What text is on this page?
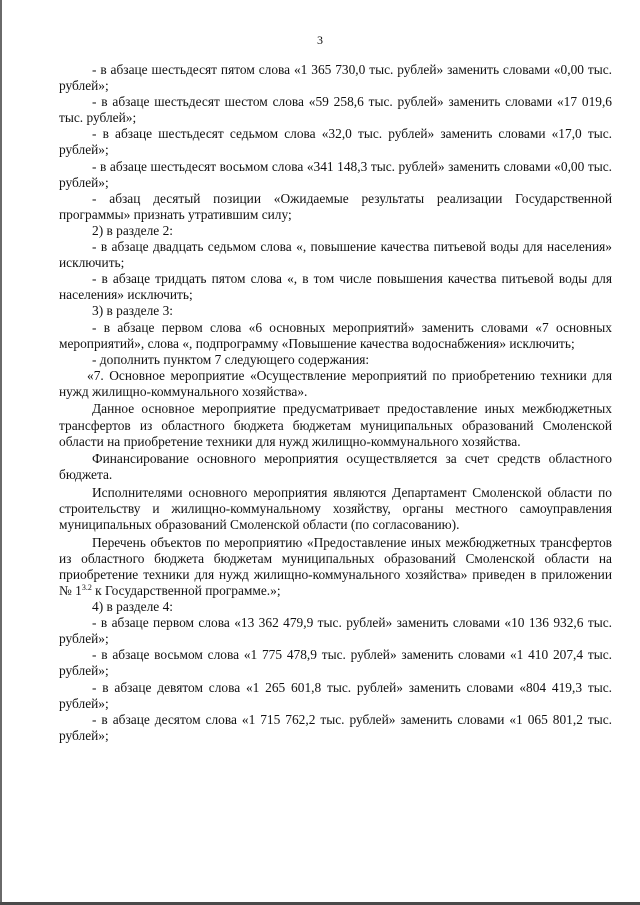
3

- в абзаце шестьдесят пятом слова «1 365 730,0 тыс. рублей» заменить словами «0,00 тыс. рублей»;

- в абзаце шестьдесят шестом слова «59 258,6 тыс. рублей» заменить словами «17 019,6 тыс. рублей»;

- в абзаце шестьдесят седьмом слова «32,0 тыс. рублей» заменить словами «17,0 тыс. рублей»;

- в абзаце шестьдесят восьмом слова «341 148,3 тыс. рублей» заменить словами «0,00 тыс. рублей»;

- абзац десятый позиции «Ожидаемые результаты реализации Государственной программы» признать утратившим силу;

2) в разделе 2:

- в абзаце двадцать седьмом слова «, повышение качества питьевой воды для населения» исключить;

- в абзаце тридцать пятом слова «, в том числе повышения качества питьевой воды для населения» исключить;

3) в разделе 3:

- в абзаце первом слова «6 основных мероприятий» заменить словами «7 основных мероприятий», слова «, подпрограмму «Повышение качества водоснабжения» исключить;

- дополнить пунктом 7 следующего содержания:

«7. Основное мероприятие «Осуществление мероприятий по приобретению техники для нужд жилищно-коммунального хозяйства».

Данное основное мероприятие предусматривает предоставление иных межбюджетных трансфертов из областного бюджета бюджетам муниципальных образований Смоленской области на приобретение техники для нужд жилищно-коммунального хозяйства.

Финансирование основного мероприятия осуществляется за счет средств областного бюджета.

Исполнителями основного мероприятия являются Департамент Смоленской области по строительству и жилищно-коммунальному хозяйству, органы местного самоуправления муниципальных образований Смоленской области (по согласованию).

Перечень объектов по мероприятию «Предоставление иных межбюджетных трансфертов из областного бюджета бюджетам муниципальных образований Смоленской области на приобретение техники для нужд жилищно-коммунального хозяйства» приведен в приложении № $1^{3.2}$ к Государственной программе.»;

4) в разделе 4:

- в абзаце первом слова «13 362 479,9 тыс. рублей» заменить словами «10 136 932,6 тыс. рублей»;

- в абзаце восьмом слова «1 775 478,9 тыс. рублей» заменить словами «1 410 207,4 тыс. рублей»;

- в абзаце девятом слова «1 265 601,8 тыс. рублей» заменить словами «804 419,3 тыс. рублей»;

- в абзаце десятом слова «1 715 762,2 тыс. рублей» заменить словами «1 065 801,2 тыс. рублей»;
